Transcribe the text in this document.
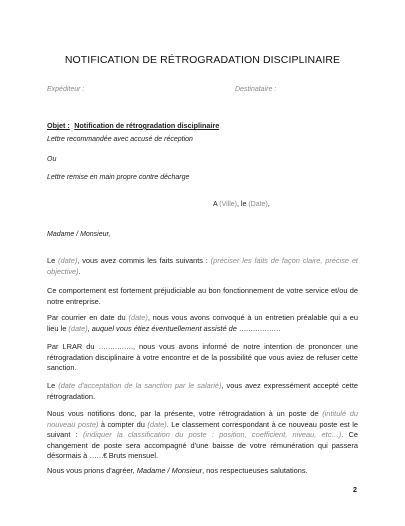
NOTIFICATION DE RÉTROGRADATION DISCIPLINAIRE
Expéditeur :	Destinataire :
Objet : Notification de rétrogradation disciplinaire
Lettre recommandée avec accusé de réception
Ou
Lettre remise en main propre contre décharge
A (Ville), le (Date),
Madame / Monsieur,
Le (date), vous avez commis les faits suivants : (préciser les faits de façon claire, précise et objective).
Ce comportement est fortement préjudiciable au bon fonctionnement de votre service et/ou de notre entreprise.
Par courrier en date du (date), nous vous avons convoqué à un entretien préalable qui a eu lieu le (date), auquel vous étiez éventuellement assisté de ………………
Par LRAR du ……………, nous vous avons informé de notre intention de prononcer une rétrogradation disciplinaire à votre encontre et de la possibilité que vous aviez de refuser cette sanction.
Le (date d'acceptation de la sanction par le salarié), vous avez expressément accepté cette rétrogradation.
Nous vous notifions donc, par la présente, votre rétrogradation à un poste de (intitulé du nouveau poste) à compter du (date). Le classement correspondant à ce nouveau poste est le suivant : (indiquer la classification du poste : position, coefficient, niveau, etc…). Ce changement de poste sera accompagné d'une baisse de votre rémunération qui passera désormais à ……€ Bruts mensuel.
Nous vous prions d'agréer, Madame / Monsieur, nos respectueuses salutations.
2
